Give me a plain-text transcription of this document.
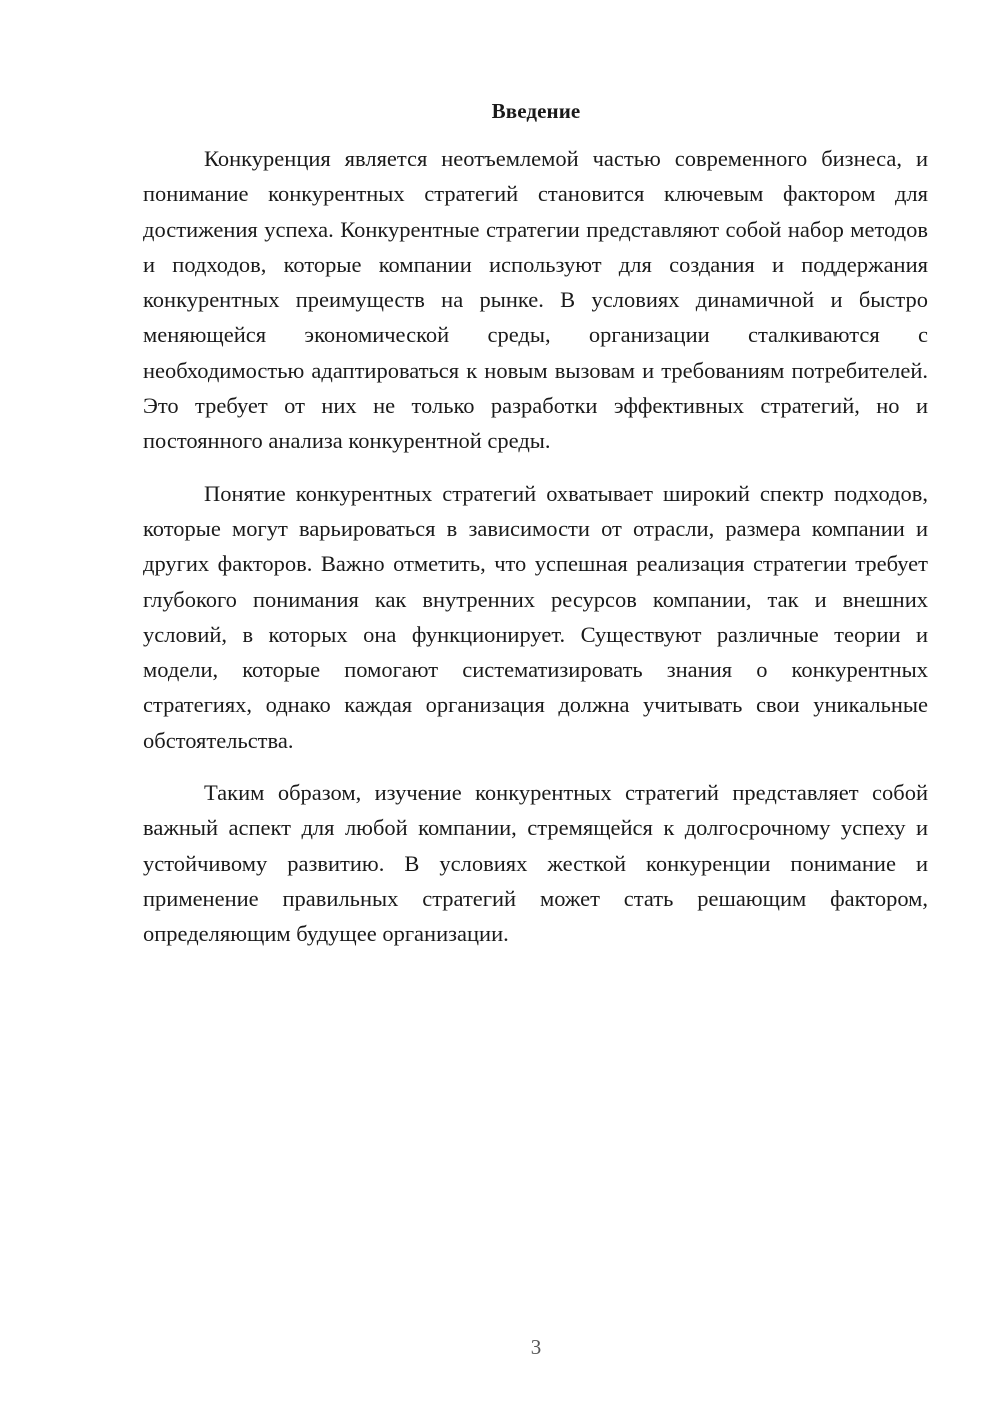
Введение

Конкуренция является неотъемлемой частью современного бизнеса, и понимание конкурентных стратегий становится ключевым фактором для достижения успеха. Конкурентные стратегии представляют собой набор методов и подходов, которые компании используют для создания и поддержания конкурентных преимуществ на рынке. В условиях динамичной и быстро меняющейся экономической среды, организации сталкиваются с необходимостью адаптироваться к новым вызовам и требованиям потребителей. Это требует от них не только разработки эффективных стратегий, но и постоянного анализа конкурентной среды.

Понятие конкурентных стратегий охватывает широкий спектр подходов, которые могут варьироваться в зависимости от отрасли, размера компании и других факторов. Важно отметить, что успешная реализация стратегии требует глубокого понимания как внутренних ресурсов компании, так и внешних условий, в которых она функционирует. Существуют различные теории и модели, которые помогают систематизировать знания о конкурентных стратегиях, однако каждая организация должна учитывать свои уникальные обстоятельства.

Таким образом, изучение конкурентных стратегий представляет собой важный аспект для любой компании, стремящейся к долгосрочному успеху и устойчивому развитию. В условиях жесткой конкуренции понимание и применение правильных стратегий может стать решающим фактором, определяющим будущее организации.

3
